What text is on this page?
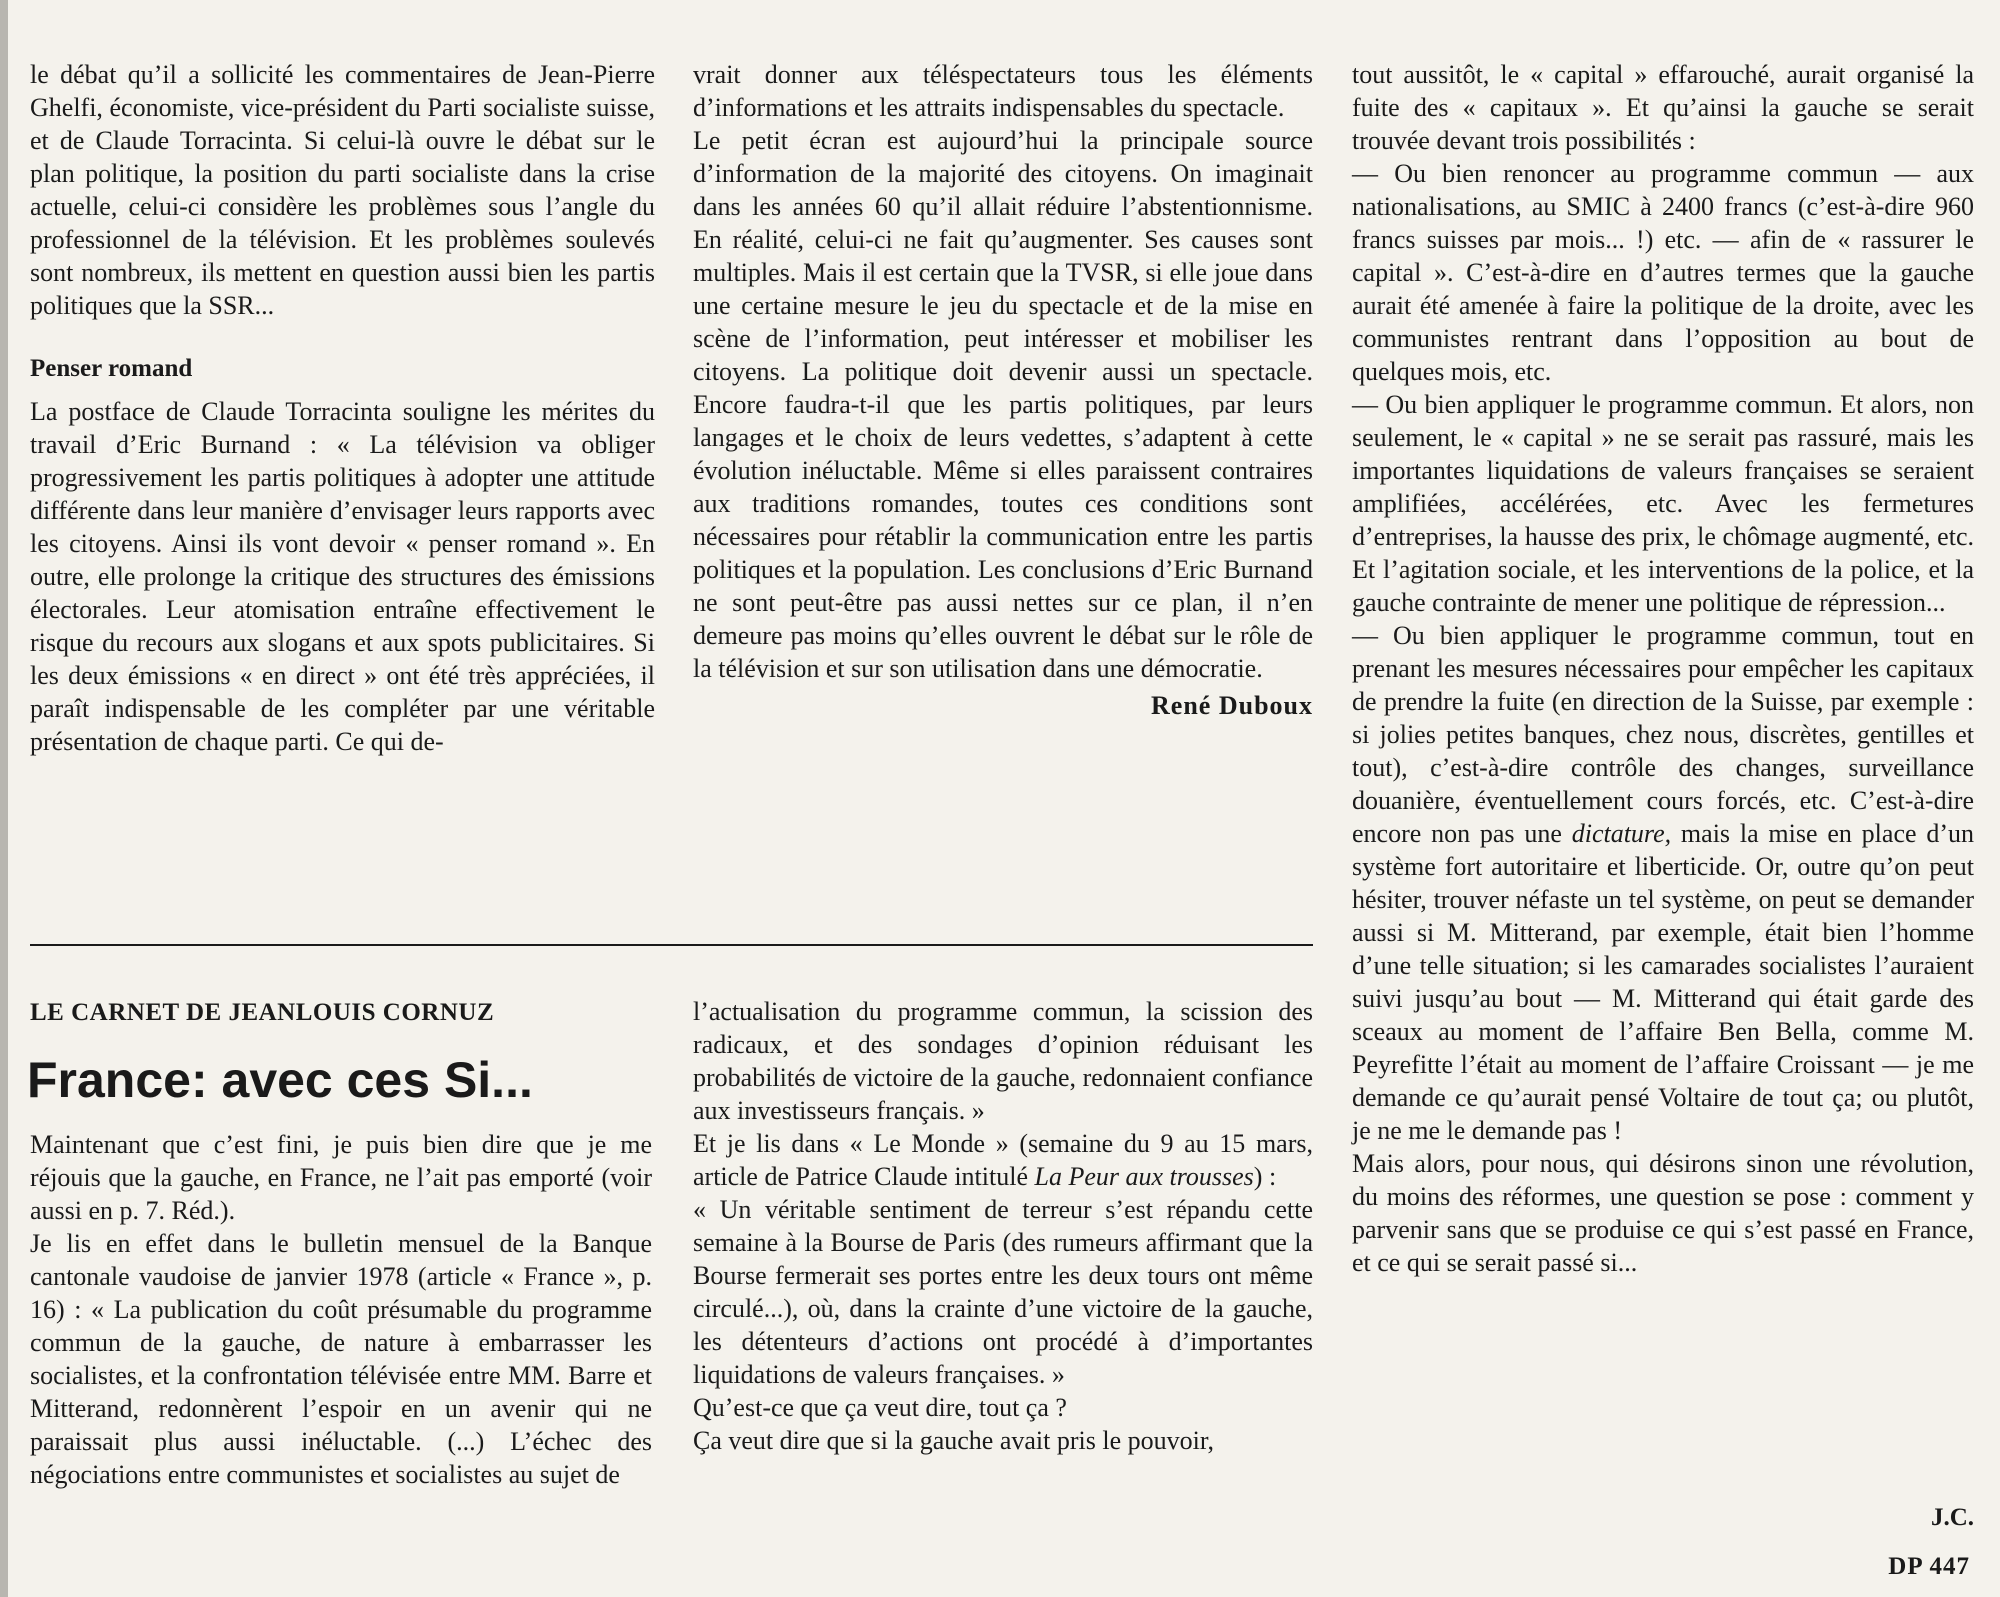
le débat qu’il a sollicité les commentaires de Jean-Pierre Ghelfi, économiste, vice-président du Parti socialiste suisse, et de Claude Torracinta. Si celui-là ouvre le débat sur le plan politique, la position du parti socialiste dans la crise actuelle, celui-ci considère les problèmes sous l’angle du professionnel de la télévision. Et les problèmes soulevés sont nombreux, ils mettent en question aussi bien les partis politiques que la SSR...

Penser romand

La postface de Claude Torracinta souligne les mérites du travail d’Eric Burnand : « La télévision va obliger progressivement les partis politiques à adopter une attitude différente dans leur manière d’envisager leurs rapports avec les citoyens. Ainsi ils vont devoir « penser romand ». En outre, elle prolonge la critique des structures des émissions électorales. Leur atomisation entraîne effectivement le risque du recours aux slogans et aux spots publicitaires. Si les deux émissions « en direct » ont été très appréciées, il paraît indispensable de les compléter par une véritable présentation de chaque parti. Ce qui de-

vrait donner aux téléspectateurs tous les éléments d’informations et les attraits indispensables du spectacle.

Le petit écran est aujourd’hui la principale source d’information de la majorité des citoyens. On imaginait dans les années 60 qu’il allait réduire l’abstentionnisme. En réalité, celui-ci ne fait qu’augmenter. Ses causes sont multiples. Mais il est certain que la TVSR, si elle joue dans une certaine mesure le jeu du spectacle et de la mise en scène de l’information, peut intéresser et mobiliser les citoyens. La politique doit devenir aussi un spectacle. Encore faudra-t-il que les partis politiques, par leurs langages et le choix de leurs vedettes, s’adaptent à cette évolution inéluctable. Même si elles paraissent contraires aux traditions romandes, toutes ces conditions sont nécessaires pour rétablir la communication entre les partis politiques et la population. Les conclusions d’Eric Burnand ne sont peut-être pas aussi nettes sur ce plan, il n’en demeure pas moins qu’elles ouvrent le débat sur le rôle de la télévision et sur son utilisation dans une démocratie.

René Duboux

tout aussitôt, le « capital » effarouché, aurait organisé la fuite des « capitaux ». Et qu’ainsi la gauche se serait trouvée devant trois possibilités :

— Ou bien renoncer au programme commun — aux nationalisations, au SMIC à 2400 francs (c’est-à-dire 960 francs suisses par mois... !) etc. — afin de « rassurer le capital ». C’est-à-dire en d’autres termes que la gauche aurait été amenée à faire la politique de la droite, avec les communistes rentrant dans l’opposition au bout de quelques mois, etc.

— Ou bien appliquer le programme commun. Et alors, non seulement, le « capital » ne se serait pas rassuré, mais les importantes liquidations de valeurs françaises se seraient amplifiées, accélérées, etc. Avec les fermetures d’entreprises, la hausse des prix, le chômage augmenté, etc. Et l’agitation sociale, et les interventions de la police, et la gauche contrainte de mener une politique de répression...

— Ou bien appliquer le programme commun, tout en prenant les mesures nécessaires pour empêcher les capitaux de prendre la fuite (en direction de la Suisse, par exemple : si jolies petites banques, chez nous, discrètes, gentilles et tout), c’est-à-dire contrôle des changes, surveillance douanière, éventuellement cours forcés, etc. C’est-à-dire encore non pas une dictature, mais la mise en place d’un système fort autoritaire et liberticide. Or, outre qu’on peut hésiter, trouver néfaste un tel système, on peut se demander aussi si M. Mitterand, par exemple, était bien l’homme d’une telle situation; si les camarades socialistes l’auraient suivi jusqu’au bout — M. Mitterand qui était garde des sceaux au moment de l’affaire Ben Bella, comme M. Peyrefitte l’était au moment de l’affaire Croissant — je me demande ce qu’aurait pensé Voltaire de tout ça; ou plutôt, je ne me le demande pas !

Mais alors, pour nous, qui désirons sinon une révolution, du moins des réformes, une question se pose : comment y parvenir sans que se produise ce qui s’est passé en France, et ce qui se serait passé si...

J.C.
LE CARNET DE JEANLOUIS CORNUZ
France: avec ces Si...

Maintenant que c’est fini, je puis bien dire que je me réjouis que la gauche, en France, ne l’ait pas emporté (voir aussi en p. 7. Réd.).

Je lis en effet dans le bulletin mensuel de la Banque cantonale vaudoise de janvier 1978 (article « France », p. 16) : « La publication du coût présumable du programme commun de la gauche, de nature à embarrasser les socialistes, et la confrontation télévisée entre MM. Barre et Mitterand, redonnèrent l’espoir en un avenir qui ne paraissait plus aussi inéluctable. (...) L’échec des négociations entre communistes et socialistes au sujet de

l’actualisation du programme commun, la scission des radicaux, et des sondages d’opinion réduisant les probabilités de victoire de la gauche, redonnaient confiance aux investisseurs français. »

Et je lis dans « Le Monde » (semaine du 9 au 15 mars, article de Patrice Claude intitulé La Peur aux trousses) :

« Un véritable sentiment de terreur s’est répandu cette semaine à la Bourse de Paris (des rumeurs affirmant que la Bourse fermerait ses portes entre les deux tours ont même circulé...), où, dans la crainte d’une victoire de la gauche, les détenteurs d’actions ont procédé à d’importantes liquidations de valeurs françaises. »

Qu’est-ce que ça veut dire, tout ça ?

Ça veut dire que si la gauche avait pris le pouvoir,

DP 447
